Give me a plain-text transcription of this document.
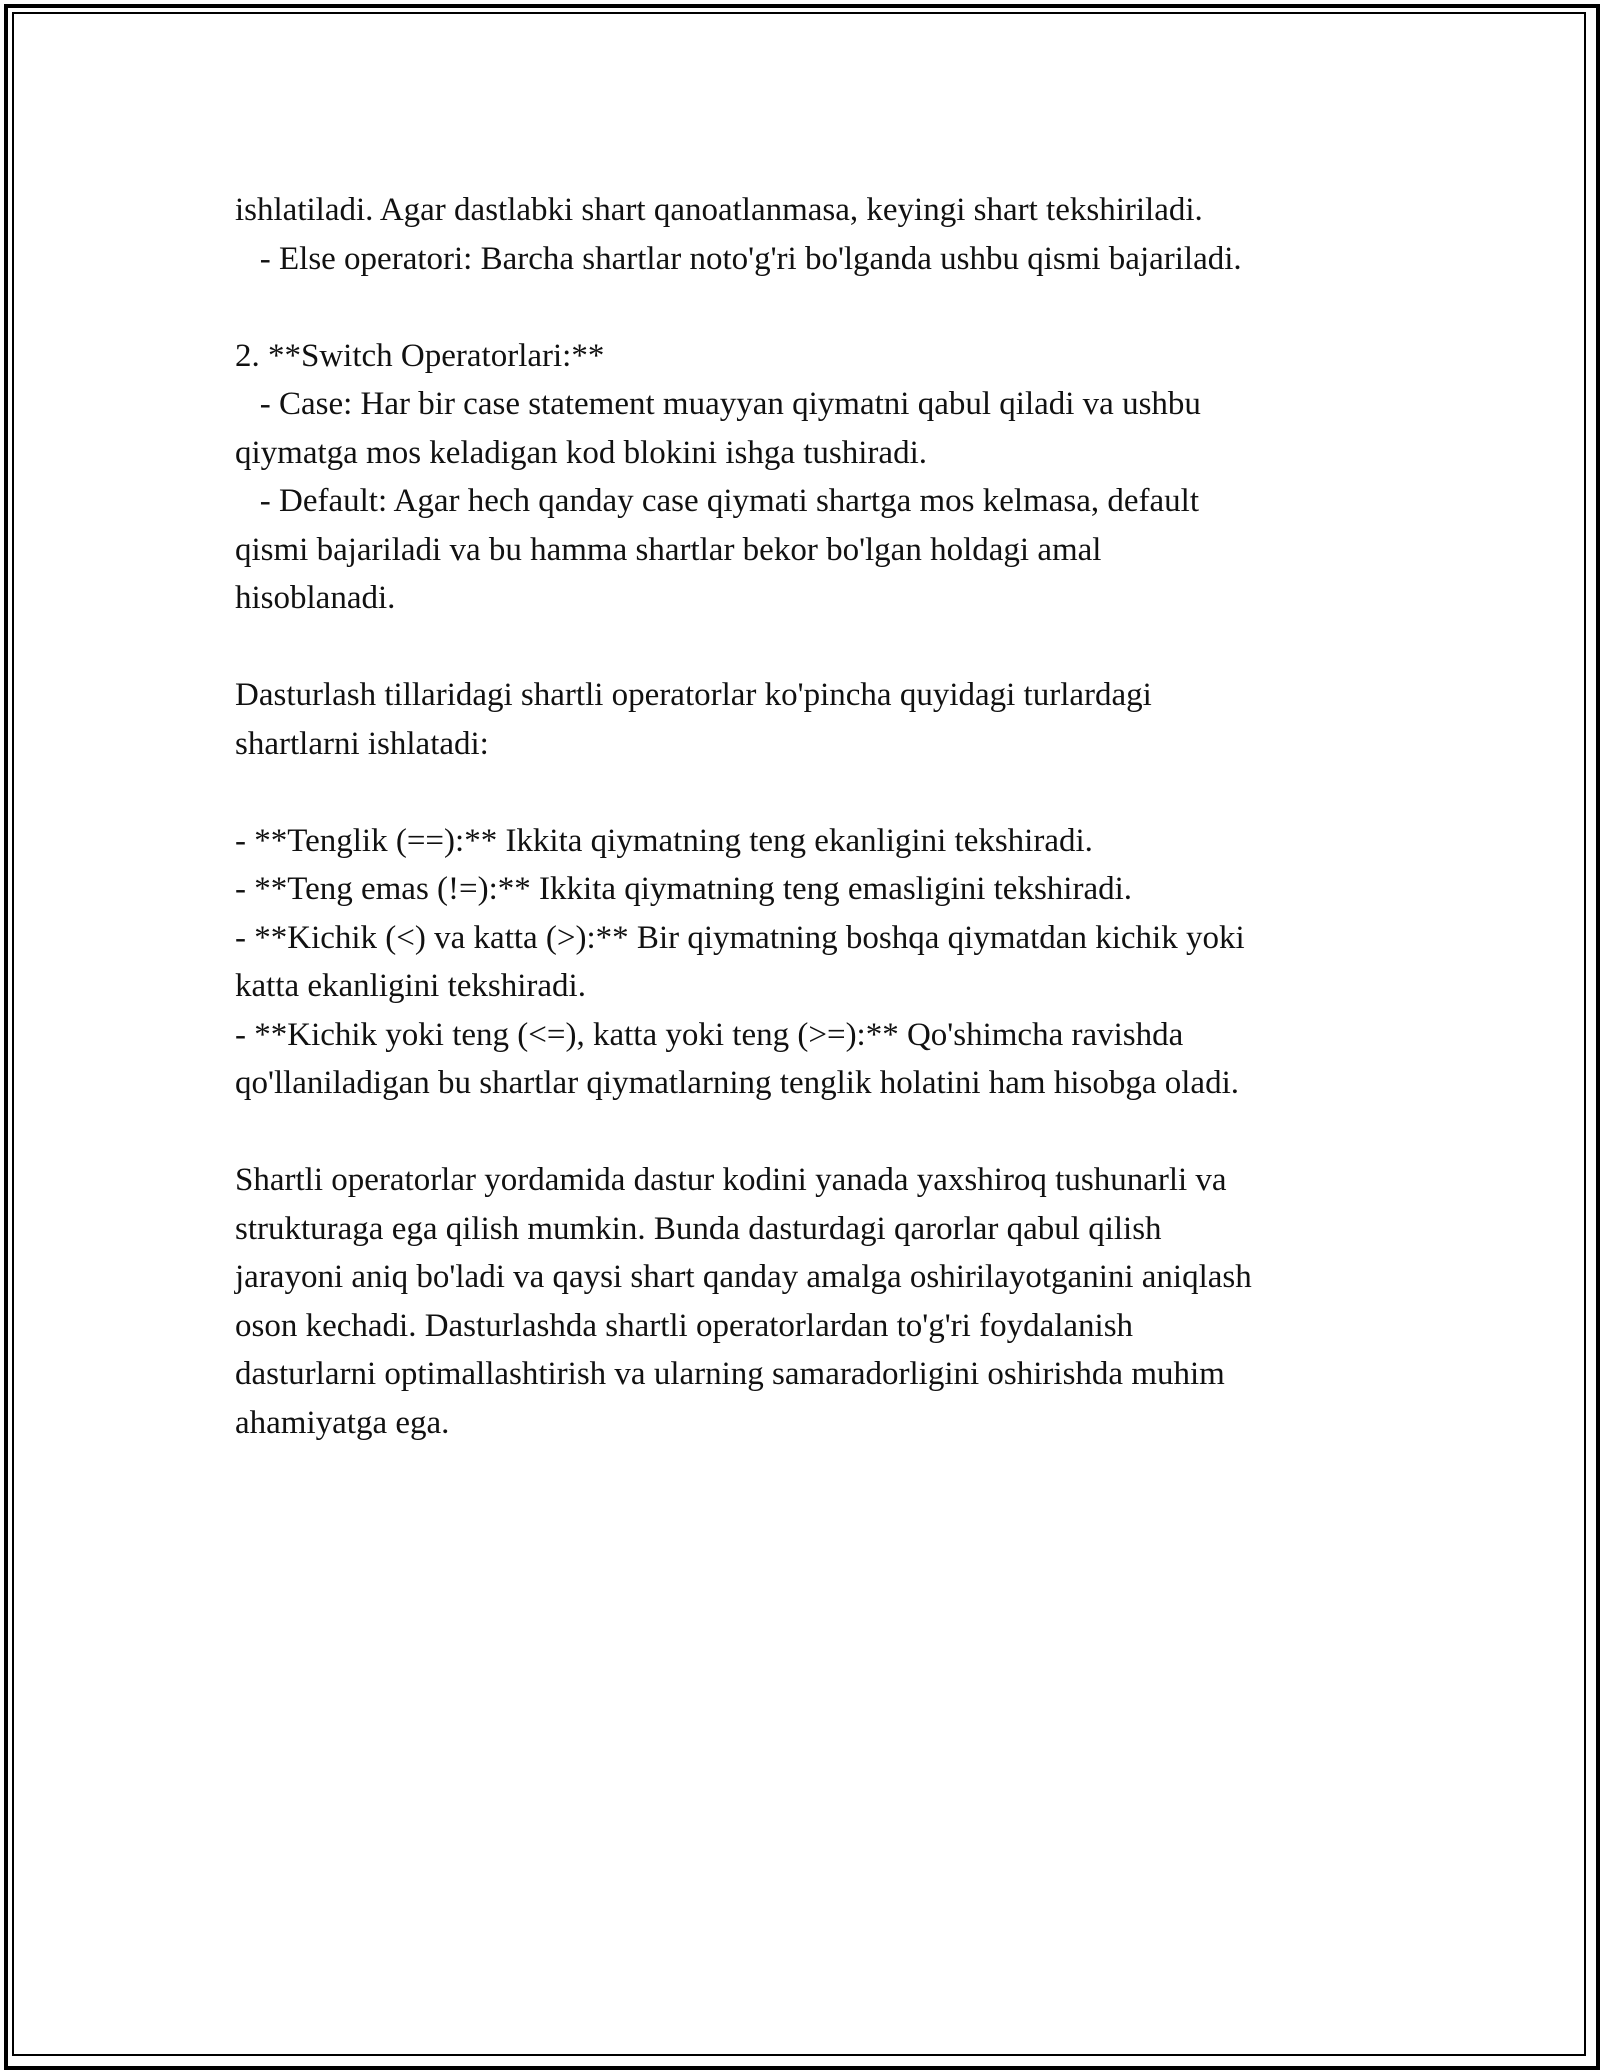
ishlatiladi. Agar dastlabki shart qanoatlanmasa, keyingi shart tekshiriladi.
- Else operatori: Barcha shartlar noto'g'ri bo'lganda ushbu qismi bajariladi.
2. **Switch Operatorlari:**
- Case: Har bir case statement muayyan qiymatni qabul qiladi va ushbu
qiymatga mos keladigan kod blokini ishga tushiradi.
- Default: Agar hech qanday case qiymati shartga mos kelmasa, default
qismi bajariladi va bu hamma shartlar bekor bo'lgan holdagi amal
hisoblanadi.
Dasturlash tillaridagi shartli operatorlar ko'pincha quyidagi turlardagi
shartlarni ishlatadi:
- **Tenglik (==):** Ikkita qiymatning teng ekanligini tekshiradi.
- **Teng emas (!=):** Ikkita qiymatning teng emasligini tekshiradi.
- **Kichik (<) va katta (>):** Bir qiymatning boshqa qiymatdan kichik yoki
katta ekanligini tekshiradi.
- **Kichik yoki teng (<=), katta yoki teng (>=):** Qo'shimcha ravishda
qo'llaniladigan bu shartlar qiymatlarning tenglik holatini ham hisobga oladi.
Shartli operatorlar yordamida dastur kodini yanada yaxshiroq tushunarli va
strukturaga ega qilish mumkin. Bunda dasturdagi qarorlar qabul qilish
jarayoni aniq bo'ladi va qaysi shart qanday amalga oshirilayotganini aniqlash
oson kechadi. Dasturlashda shartli operatorlardan to'g'ri foydalanish
dasturlarni optimallashtirish va ularning samaradorligini oshirishda muhim
ahamiyatga ega.
